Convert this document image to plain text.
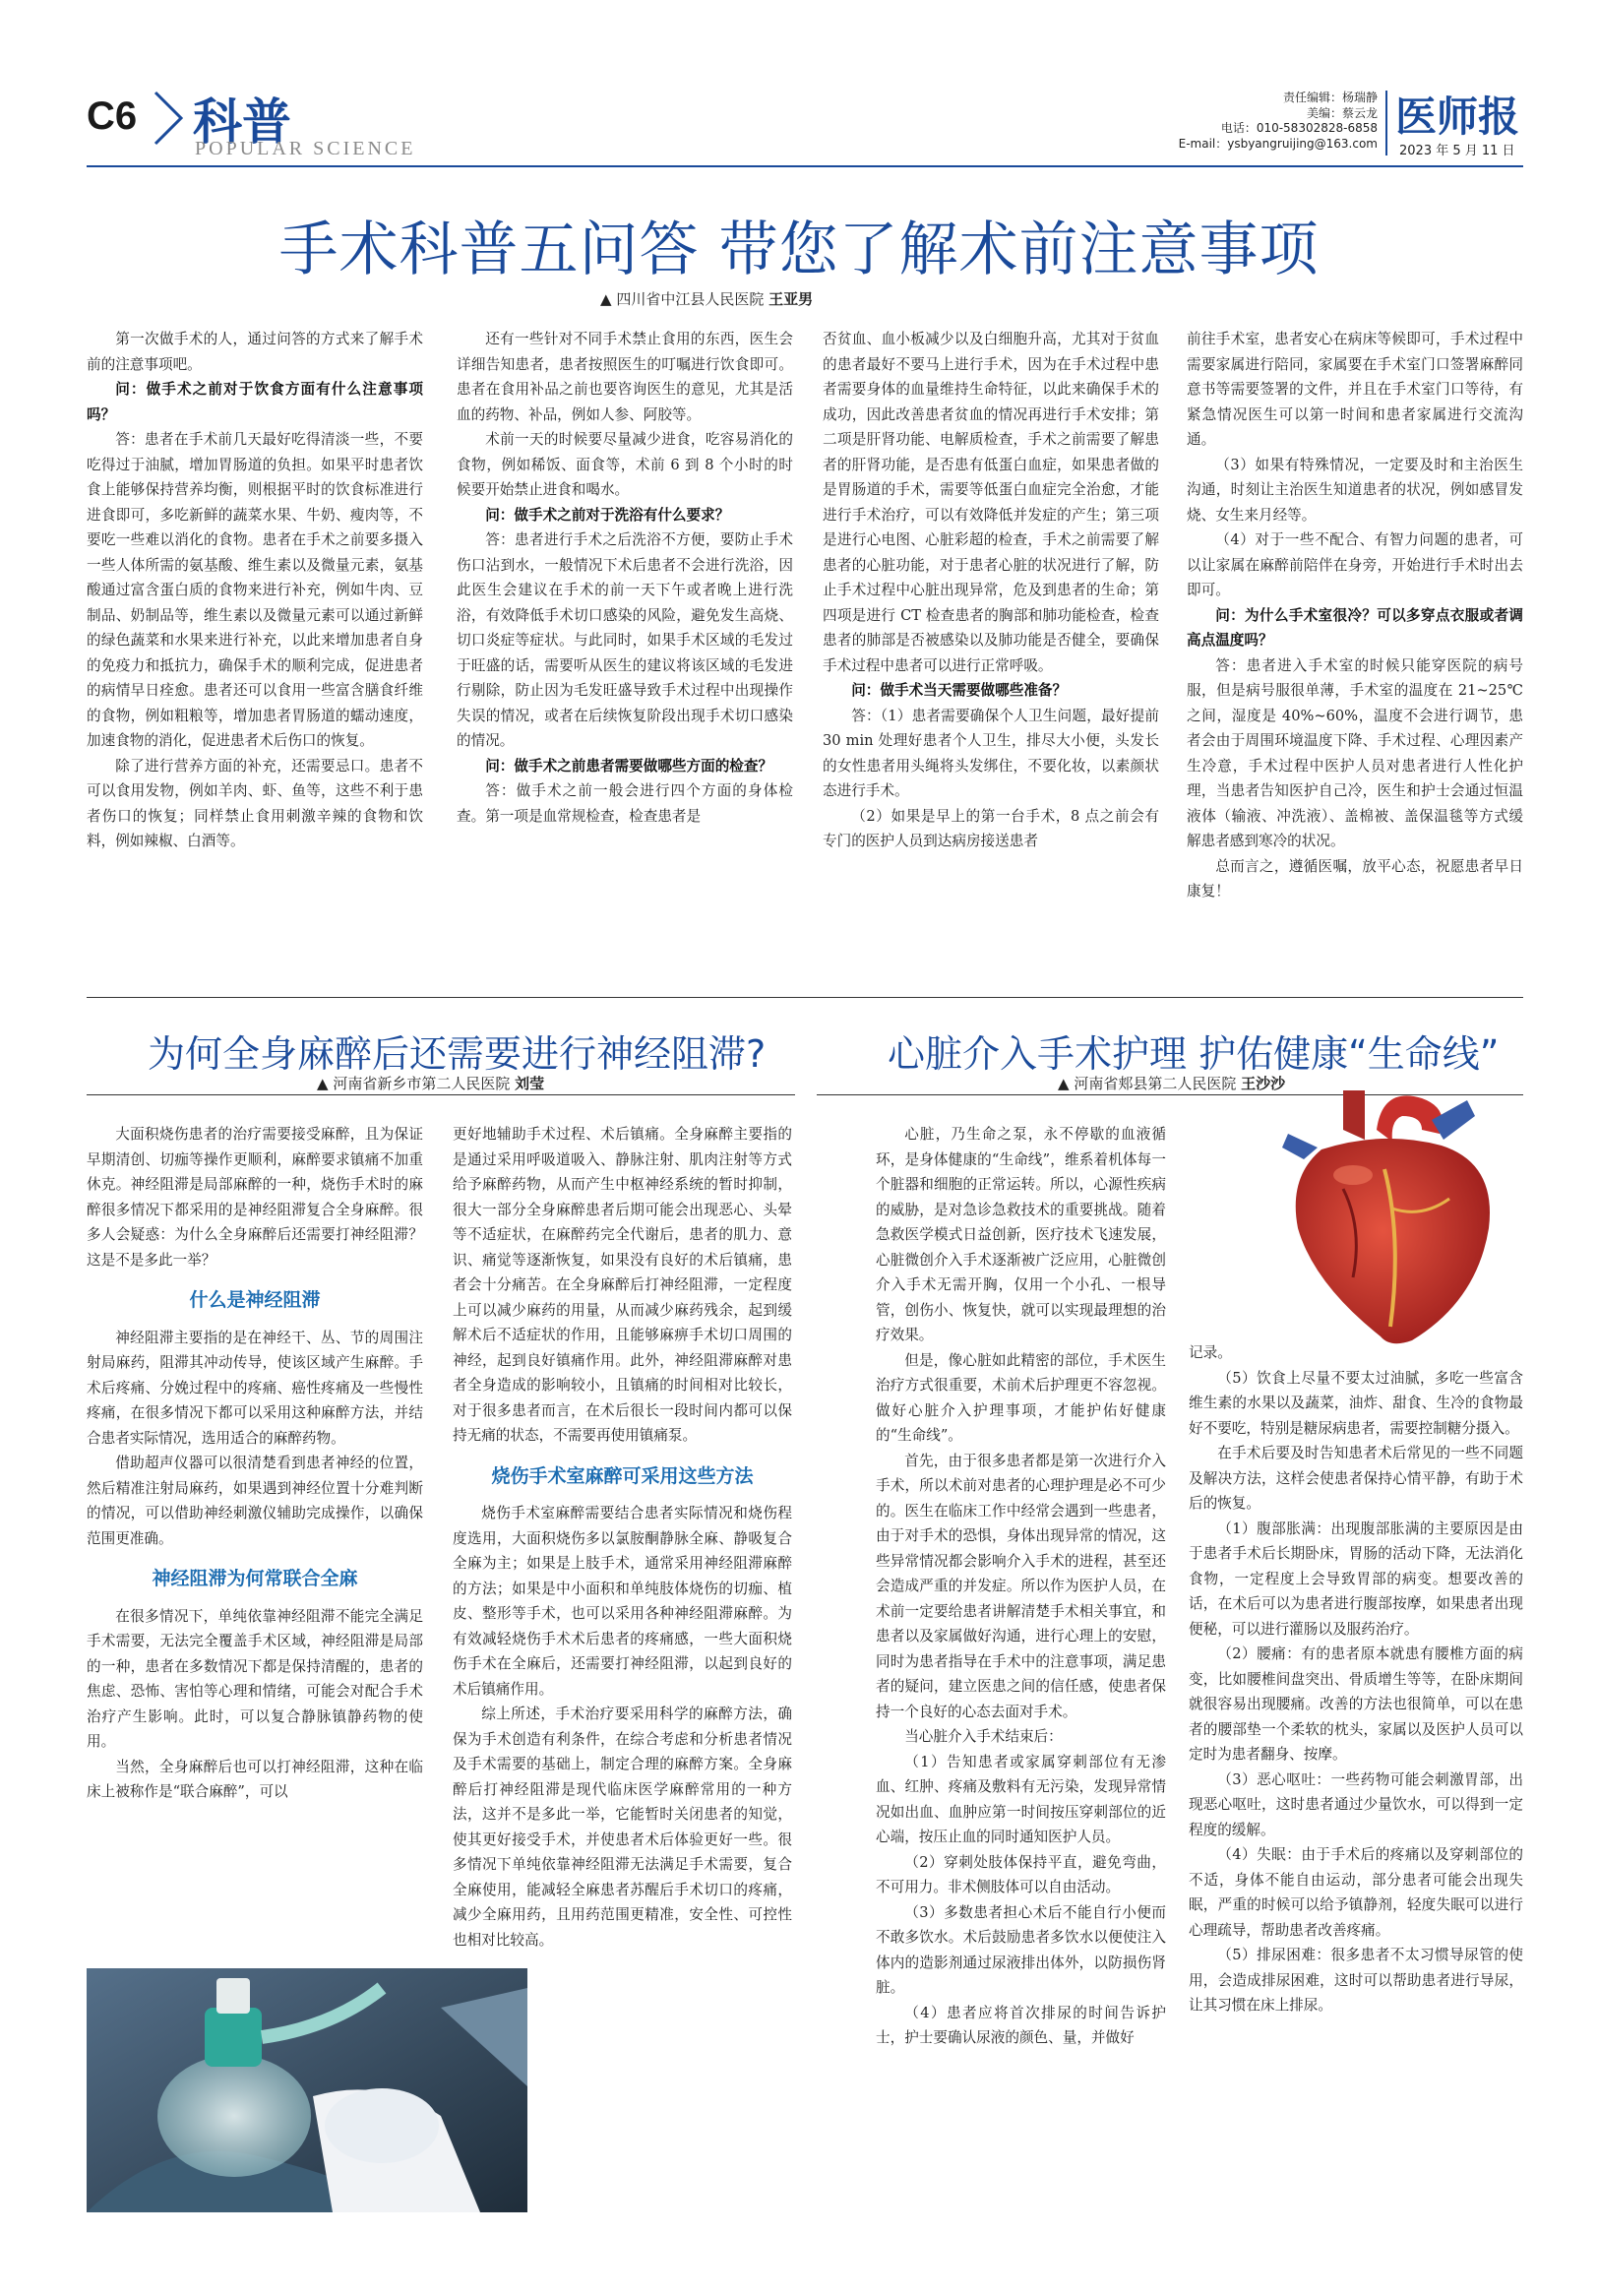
C6 科普
POPULAR SCIENCE
责任编辑：杨瑞静
美编：蔡云龙
电话：010-58302828-6858
E-mail：ysbyangruijing@163.com
医师报
2023 年 5 月 11 日
手术科普五问答 带您了解术前注意事项
▲ 四川省中江县人民医院 王亚男

第一次做手术的人，通过问答的方式来了解手术前的注意事项吧。

问：做手术之前对于饮食方面有什么注意事项吗？

答：患者在手术前几天最好吃得清淡一些，不要吃得过于油腻，增加胃肠道的负担。如果平时患者饮食上能够保持营养均衡，则根据平时的饮食标准进行进食即可，多吃新鲜的蔬菜水果、牛奶、瘦肉等，不要吃一些难以消化的食物。患者在手术之前要多摄入一些人体所需的氨基酸、维生素以及微量元素，氨基酸通过富含蛋白质的食物来进行补充，例如牛肉、豆制品、奶制品等，维生素以及微量元素可以通过新鲜的绿色蔬菜和水果来进行补充，以此来增加患者自身的免疫力和抵抗力，确保手术的顺利完成，促进患者的病情早日痊愈。患者还可以食用一些富含膳食纤维的食物，例如粗粮等，增加患者胃肠道的蠕动速度，加速食物的消化，促进患者术后伤口的恢复。

除了进行营养方面的补充，还需要忌口。患者不可以食用发物，例如羊肉、虾、鱼等，这些不利于患者伤口的恢复；同样禁止食用刺激辛辣的食物和饮料，例如辣椒、白酒等。

还有一些针对不同手术禁止食用的东西，医生会详细告知患者，患者按照医生的叮嘱进行饮食即可。患者在食用补品之前也要咨询医生的意见，尤其是活血的药物、补品，例如人参、阿胶等。

术前一天的时候要尽量减少进食，吃容易消化的食物，例如稀饭、面食等，术前 6 到 8 个小时的时候要开始禁止进食和喝水。

问：做手术之前对于洗浴有什么要求？

答：患者进行手术之后洗浴不方便，要防止手术伤口沾到水，一般情况下术后患者不会进行洗浴，因此医生会建议在手术的前一天下午或者晚上进行洗浴，有效降低手术切口感染的风险，避免发生高烧、切口炎症等症状。与此同时，如果手术区域的毛发过于旺盛的话，需要听从医生的建议将该区域的毛发进行剔除，防止因为毛发旺盛导致手术过程中出现操作失误的情况，或者在后续恢复阶段出现手术切口感染的情况。

问：做手术之前患者需要做哪些方面的检查？

答：做手术之前一般会进行四个方面的身体检查。第一项是血常规检查，检查患者是

否贫血、血小板减少以及白细胞升高，尤其对于贫血的患者最好不要马上进行手术，因为在手术过程中患者需要身体的血量维持生命特征，以此来确保手术的成功，因此改善患者贫血的情况再进行手术安排；第二项是肝肾功能、电解质检查，手术之前需要了解患者的肝肾功能，是否患有低蛋白血症，如果患者做的是胃肠道的手术，需要等低蛋白血症完全治愈，才能进行手术治疗，可以有效降低并发症的产生；第三项是进行心电图、心脏彩超的检查，手术之前需要了解患者的心脏功能，对于患者心脏的状况进行了解，防止手术过程中心脏出现异常，危及到患者的生命；第四项是进行 CT 检查患者的胸部和肺功能检查，检查患者的肺部是否被感染以及肺功能是否健全，要确保手术过程中患者可以进行正常呼吸。

问：做手术当天需要做哪些准备？

答：（1）患者需要确保个人卫生问题，最好提前 30 min 处理好患者个人卫生，排尽大小便，头发长的女性患者用头绳将头发绑住，不要化妆，以素颜状态进行手术。

（2）如果是早上的第一台手术，8 点之前会有专门的医护人员到达病房接送患者

前往手术室，患者安心在病床等候即可，手术过程中需要家属进行陪同，家属要在手术室门口签署麻醉同意书等需要签署的文件，并且在手术室门口等待，有紧急情况医生可以第一时间和患者家属进行交流沟通。

（3）如果有特殊情况，一定要及时和主治医生沟通，时刻让主治医生知道患者的状况，例如感冒发烧、女生来月经等。

（4）对于一些不配合、有智力问题的患者，可以让家属在麻醉前陪伴在身旁，开始进行手术时出去即可。

问：为什么手术室很冷？可以多穿点衣服或者调高点温度吗？

答：患者进入手术室的时候只能穿医院的病号服，但是病号服很单薄，手术室的温度在 21~25℃之间，湿度是 40%~60%，温度不会进行调节，患者会由于周围环境温度下降、手术过程、心理因素产生冷意，手术过程中医护人员对患者进行人性化护理，当患者告知医护自己冷，医生和护士会通过恒温液体（输液、冲洗液）、盖棉被、盖保温毯等方式缓解患者感到寒冷的状况。

总而言之，遵循医嘱，放平心态，祝愿患者早日康复！

为何全身麻醉后还需要进行神经阻滞?
▲ 河南省新乡市第二人民医院 刘莹

大面积烧伤患者的治疗需要接受麻醉，且为保证早期清创、切痂等操作更顺利，麻醉要求镇痛不加重休克。神经阻滞是局部麻醉的一种，烧伤手术时的麻醉很多情况下都采用的是神经阻滞复合全身麻醉。很多人会疑惑：为什么全身麻醉后还需要打神经阻滞？这是不是多此一举？

什么是神经阻滞

神经阻滞主要指的是在神经干、丛、节的周围注射局麻药，阻滞其冲动传导，使该区域产生麻醉。手术后疼痛、分娩过程中的疼痛、癌性疼痛及一些慢性疼痛，在很多情况下都可以采用这种麻醉方法，并结合患者实际情况，选用适合的麻醉药物。

借助超声仪器可以很清楚看到患者神经的位置，然后精准注射局麻药，如果遇到神经位置十分难判断的情况，可以借助神经刺激仪辅助完成操作，以确保范围更准确。

神经阻滞为何常联合全麻

在很多情况下，单纯依靠神经阻滞不能完全满足手术需要，无法完全覆盖手术区域，神经阻滞是局部的一种，患者在多数情况下都是保持清醒的，患者的焦虑、恐怖、害怕等心理和情绪，可能会对配合手术治疗产生影响。此时，可以复合静脉镇静药物的使用。

当然，全身麻醉后也可以打神经阻滞，这种在临床上被称作是“联合麻醉”，可以

更好地辅助手术过程、术后镇痛。全身麻醉主要指的是通过采用呼吸道吸入、静脉注射、肌肉注射等方式给予麻醉药物，从而产生中枢神经系统的暂时抑制，很大一部分全身麻醉患者后期可能会出现恶心、头晕等不适症状，在麻醉药完全代谢后，患者的肌力、意识、痛觉等逐渐恢复，如果没有良好的术后镇痛，患者会十分痛苦。在全身麻醉后打神经阻滞，一定程度上可以减少麻药的用量，从而减少麻药残余，起到缓解术后不适症状的作用，且能够麻痹手术切口周围的神经，起到良好镇痛作用。此外，神经阻滞麻醉对患者全身造成的影响较小，且镇痛的时间相对比较长，对于很多患者而言，在术后很长一段时间内都可以保持无痛的状态，不需要再使用镇痛泵。

烧伤手术室麻醉可采用这些方法

烧伤手术室麻醉需要结合患者实际情况和烧伤程度选用，大面积烧伤多以氯胺酮静脉全麻、静吸复合全麻为主；如果是上肢手术，通常采用神经阻滞麻醉的方法；如果是中小面积和单纯肢体烧伤的切痂、植皮、整形等手术，也可以采用各种神经阻滞麻醉。为有效减轻烧伤手术术后患者的疼痛感，一些大面积烧伤手术在全麻后，还需要打神经阻滞，以起到良好的术后镇痛作用。

综上所述，手术治疗要采用科学的麻醉方法，确保为手术创造有利条件，在综合考虑和分析患者情况及手术需要的基础上，制定合理的麻醉方案。全身麻醉后打神经阻滞是现代临床医学麻醉常用的一种方法，这并不是多此一举，它能暂时关闭患者的知觉，使其更好接受手术，并使患者术后体验更好一些。很多情况下单纯依靠神经阻滞无法满足手术需要，复合全麻使用，能减轻全麻患者苏醒后手术切口的疼痛，减少全麻用药，且用药范围更精准，安全性、可控性也相对比较高。

心脏介入手术护理 护佑健康“生命线”
▲ 河南省郏县第二人民医院 王沙沙

心脏，乃生命之泵，永不停歇的血液循环，是身体健康的“生命线”，维系着机体每一个脏器和细胞的正常运转。所以，心源性疾病的威胁，是对急诊急救技术的重要挑战。随着急救医学模式日益创新，医疗技术飞速发展，心脏微创介入手术逐渐被广泛应用，心脏微创介入手术无需开胸，仅用一个小孔、一根导管，创伤小、恢复快，就可以实现最理想的治疗效果。

但是，像心脏如此精密的部位，手术医生治疗方式很重要，术前术后护理更不容忽视。做好心脏介入护理事项，才能护佑好健康的“生命线”。

首先，由于很多患者都是第一次进行介入手术，所以术前对患者的心理护理是必不可少的。医生在临床工作中经常会遇到一些患者，由于对手术的恐惧，身体出现异常的情况，这些异常情况都会影响介入手术的进程，甚至还会造成严重的并发症。所以作为医护人员，在术前一定要给患者讲解清楚手术相关事宜，和患者以及家属做好沟通，进行心理上的安慰，同时为患者指导在手术中的注意事项，满足患者的疑问，建立医患之间的信任感，使患者保持一个良好的心态去面对手术。

当心脏介入手术结束后：

（1）告知患者或家属穿刺部位有无渗血、红肿、疼痛及敷料有无污染，发现异常情况如出血、血肿应第一时间按压穿刺部位的近心端，按压止血的同时通知医护人员。

（2）穿刺处肢体保持平直，避免弯曲，不可用力。非术侧肢体可以自由活动。

（3）多数患者担心术后不能自行小便而不敢多饮水。术后鼓励患者多饮水以便使注入体内的造影剂通过尿液排出体外，以防损伤肾脏。

（4）患者应将首次排尿的时间告诉护士，护士要确认尿液的颜色、量，并做好

记录。

（5）饮食上尽量不要太过油腻，多吃一些富含维生素的水果以及蔬菜，油炸、甜食、生冷的食物最好不要吃，特别是糖尿病患者，需要控制糖分摄入。

在手术后要及时告知患者术后常见的一些不同题及解决方法，这样会使患者保持心情平静，有助于术后的恢复。

（1）腹部胀满：出现腹部胀满的主要原因是由于患者手术后长期卧床，胃肠的活动下降，无法消化食物，一定程度上会导致胃部的病变。想要改善的话，在术后可以为患者进行腹部按摩，如果患者出现便秘，可以进行灌肠以及服药治疗。

（2）腰痛：有的患者原本就患有腰椎方面的病变，比如腰椎间盘突出、骨质增生等等，在卧床期间就很容易出现腰痛。改善的方法也很简单，可以在患者的腰部垫一个柔软的枕头，家属以及医护人员可以定时为患者翻身、按摩。

（3）恶心呕吐：一些药物可能会刺激胃部，出现恶心呕吐，这时患者通过少量饮水，可以得到一定程度的缓解。

（4）失眠：由于手术后的疼痛以及穿刺部位的不适，身体不能自由运动，部分患者可能会出现失眠，严重的时候可以给予镇静剂，轻度失眠可以进行心理疏导，帮助患者改善疼痛。

（5）排尿困难：很多患者不太习惯导尿管的使用，会造成排尿困难，这时可以帮助患者进行导尿，让其习惯在床上排尿。
